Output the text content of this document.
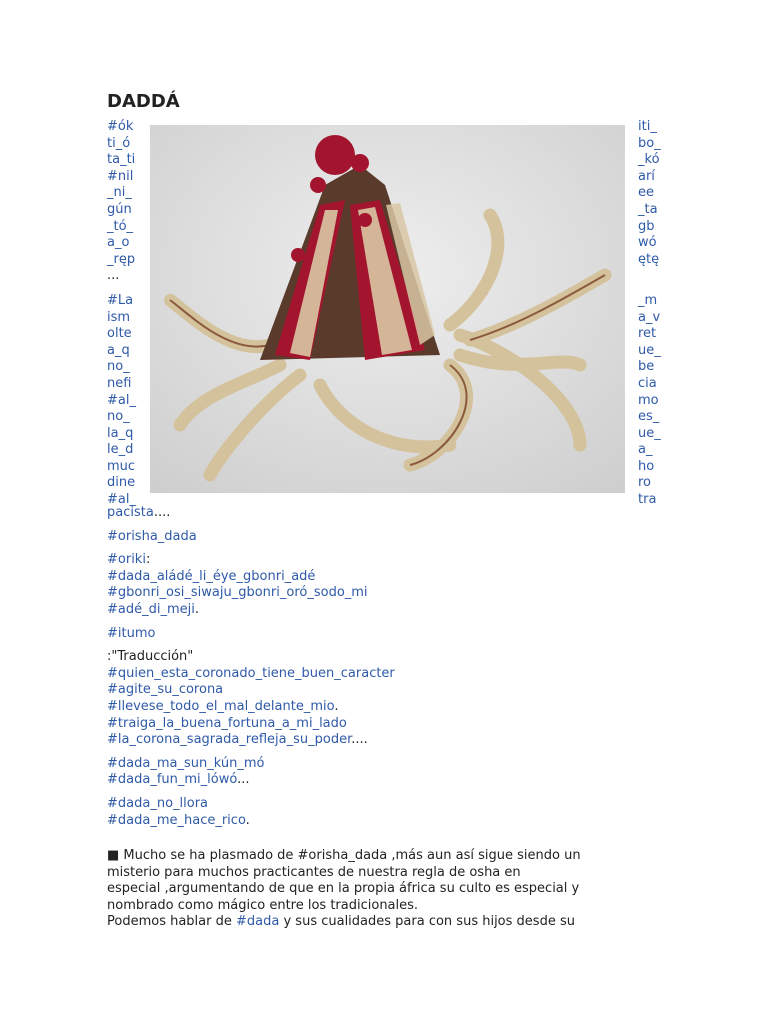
DADDÁ
#ók
ti_ó
ta_ti
#nil
_ni_
gún
_tó_
a_o
_ręp
...
#La
ism
olte
a_q
no_
nefi
#al_
no_
la_q
le_d
muc
dine
#al_
iti_
bo_
_kó
arí
ee
_ta
gb
wó
ętę
_m
a_v
ret
ue_
be
cia
mo
es_
ue_
a_
ho
ro
tra
pacista....
#orisha_dada
#oriki:
#dada_aládé_li_éye_gbonri_adé
#gbonri_osi_siwaju_gbonri_oró_sodo_mi
#adé_di_meji.
#itumo
:"Traducción"
#quien_esta_coronado_tiene_buen_caracter
#agite_su_corona
#llevese_todo_el_mal_delante_mio.
#traiga_la_buena_fortuna_a_mi_lado
#la_corona_sagrada_refleja_su_poder....
#dada_ma_sun_kún_mó
#dada_fun_mi_lówó...
#dada_no_llora
#dada_me_hace_rico.
■ Mucho se ha plasmado de #orisha_dada ,más aun así sigue siendo un
misterio para muchos practicantes de nuestra regla de osha en
especial ,argumentando de que en la propia áfrica su culto es especial y
nombrado como mágico entre los tradicionales.
Podemos hablar de #dada y sus cualidades para con sus hijos desde su
